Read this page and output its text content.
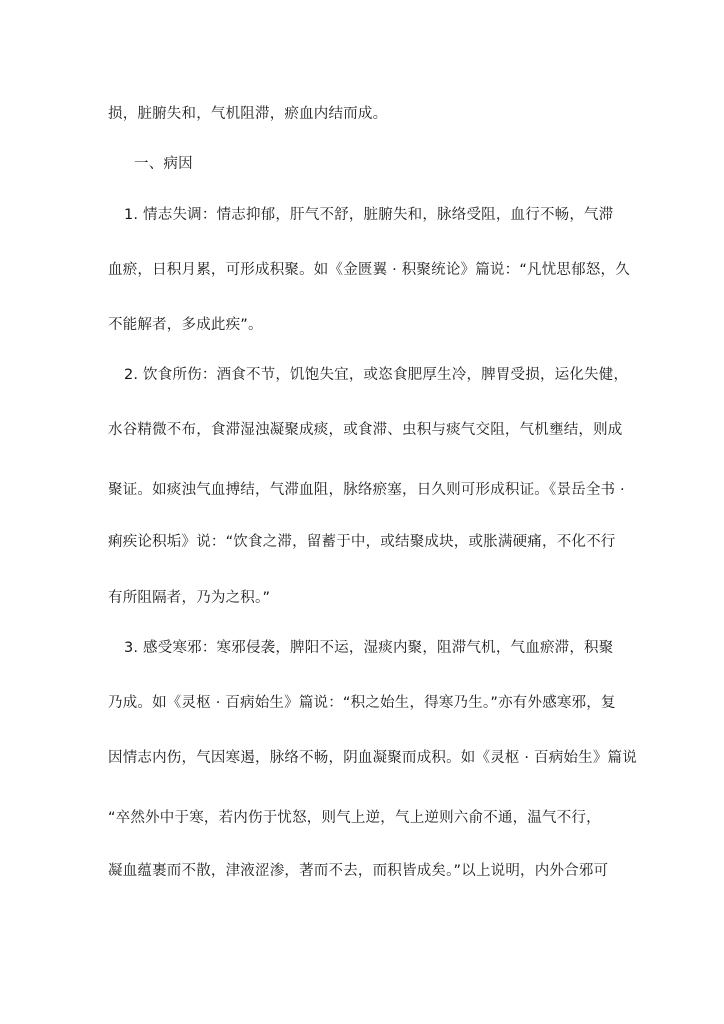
损，脏腑失和，气机阻滞，瘀血内结而成。
一、病因
1. 情志失调：情志抑郁，肝气不舒，脏腑失和，脉络受阻，血行不畅，气滞
血瘀，日积月累，可形成积聚。如《金匮翼 · 积聚统论》篇说：“凡忧思郁怒，久
不能解者，多成此疾”。
2. 饮食所伤：酒食不节，饥饱失宜，或恣食肥厚生冷，脾胃受损，运化失健，
水谷精微不布，食滞湿浊凝聚成痰，或食滞、虫积与痰气交阻，气机壅结，则成
聚证。如痰浊气血搏结，气滞血阻，脉络瘀塞，日久则可形成积证。《景岳全书 ·
痢疾论积垢》说：“饮食之滞，留蓄于中，或结聚成块，或胀满硬痛，不化不行
有所阻隔者，乃为之积。”
3. 感受寒邪：寒邪侵袭，脾阳不运，湿痰内聚，阻滞气机，气血瘀滞，积聚
乃成。如《灵枢 · 百病始生》篇说：“积之始生，得寒乃生。”亦有外感寒邪，复
因情志内伤，气因寒遏，脉络不畅，阴血凝聚而成积。如《灵枢 · 百病始生》篇说
“卒然外中于寒，若内伤于忧怒，则气上逆，气上逆则六俞不通，温气不行，
凝血蕴裹而不散，津液涩渗，著而不去，而积皆成矣。”以上说明，内外合邪可
